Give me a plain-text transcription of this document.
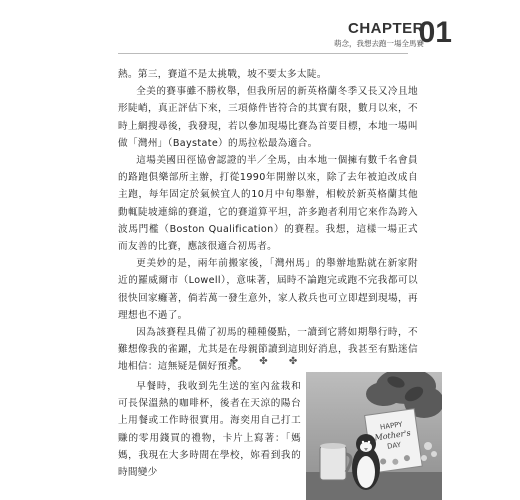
CHAPTER
01
萌念，我想去跑一場全馬賽

熱。第三，賽道不是太挑戰，坡不要太多太陡。

全美的賽事雖不勝枚舉，但我所居的新英格蘭冬季又長又冷且地形陡峭，真正評估下來，三項條件皆符合的其實有限，數月以來，不時上網搜尋後，我發現，若以參加現場比賽為首要目標，本地一場叫做「灣州」（Baystate）的馬拉松最為適合。

這場美國田徑協會認證的半／全馬，由本地一個擁有數千名會員的路跑俱樂部所主辦，打從1990年開辦以來，除了去年被迫改成自主跑，每年固定於氣候宜人的10月中旬舉辦，相較於新英格蘭其他動輒陡坡連綿的賽道，它的賽道算平坦，許多跑者利用它來作為跨入波馬門檻（Boston Qualification）的賽程。我想，這樣一場正式而友善的比賽，應該很適合初馬者。

更美妙的是，兩年前搬家後，「灣州馬」的舉辦地點就在新家附近的羅威爾市（Lowell），意味著，屆時不論跑完或跑不完我都可以很快回家癱著，倘若萬一發生意外，家人救兵也可立即趕到現場，再理想也不過了。

因為該賽程具備了初馬的種種優點，一讀到它將如期舉行時，不難想像我的雀躍，尤其是在母親節讀到這則好消息，我甚至有點迷信地相信：這無疑是個好預兆。

✤ ✤ ✤

早餐時，我收到先生送的室內盆栽和可長保溫熱的咖啡杯，後者在天涼的陽台上用餐或工作時很實用。海奕用自己打工賺的零用錢買的禮物，卡片上寫著：「媽媽，我現在大多時間在學校，妳看到我的時間變少

HAPPY
Mother's
DAY
